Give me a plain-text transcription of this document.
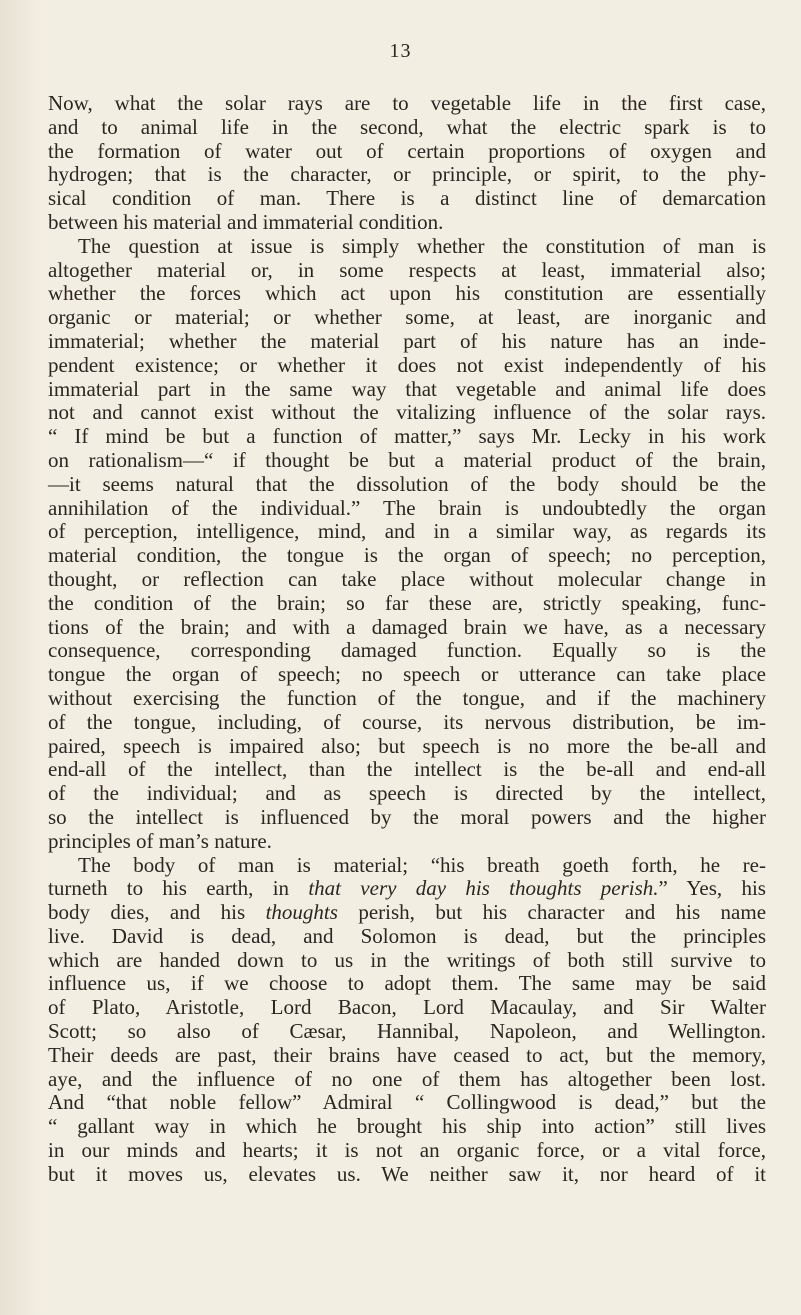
13
Now, what the solar rays are to vegetable life in the first case,
and to animal life in the second, what the electric spark is to
the formation of water out of certain proportions of oxygen and
hydrogen; that is the character, or principle, or spirit, to the phy-
sical condition of man. There is a distinct line of demarcation
between his material and immaterial condition.
The question at issue is simply whether the constitution of man is
altogether material or, in some respects at least, immaterial also;
whether the forces which act upon his constitution are essentially
organic or material; or whether some, at least, are inorganic and
immaterial; whether the material part of his nature has an inde-
pendent existence; or whether it does not exist independently of his
immaterial part in the same way that vegetable and animal life does
not and cannot exist without the vitalizing influence of the solar rays.
“ If mind be but a function of matter,” says Mr. Lecky in his work
on rationalism—“ if thought be but a material product of the brain,
—it seems natural that the dissolution of the body should be the
annihilation of the individual.” The brain is undoubtedly the organ
of perception, intelligence, mind, and in a similar way, as regards its
material condition, the tongue is the organ of speech; no perception,
thought, or reflection can take place without molecular change in
the condition of the brain; so far these are, strictly speaking, func-
tions of the brain; and with a damaged brain we have, as a necessary
consequence, corresponding damaged function. Equally so is the
tongue the organ of speech; no speech or utterance can take place
without exercising the function of the tongue, and if the machinery
of the tongue, including, of course, its nervous distribution, be im-
paired, speech is impaired also; but speech is no more the be-all and
end-all of the intellect, than the intellect is the be-all and end-all
of the individual; and as speech is directed by the intellect,
so the intellect is influenced by the moral powers and the higher
principles of man’s nature.
The body of man is material; “his breath goeth forth, he re-
turneth to his earth, in that very day his thoughts perish.” Yes, his
body dies, and his thoughts perish, but his character and his name
live. David is dead, and Solomon is dead, but the principles
which are handed down to us in the writings of both still survive to
influence us, if we choose to adopt them. The same may be said
of Plato, Aristotle, Lord Bacon, Lord Macaulay, and Sir Walter
Scott; so also of Cæsar, Hannibal, Napoleon, and Wellington.
Their deeds are past, their brains have ceased to act, but the memory,
aye, and the influence of no one of them has altogether been lost.
And “that noble fellow” Admiral “ Collingwood is dead,” but the
“ gallant way in which he brought his ship into action” still lives
in our minds and hearts; it is not an organic force, or a vital force,
but it moves us, elevates us. We neither saw it, nor heard of it
